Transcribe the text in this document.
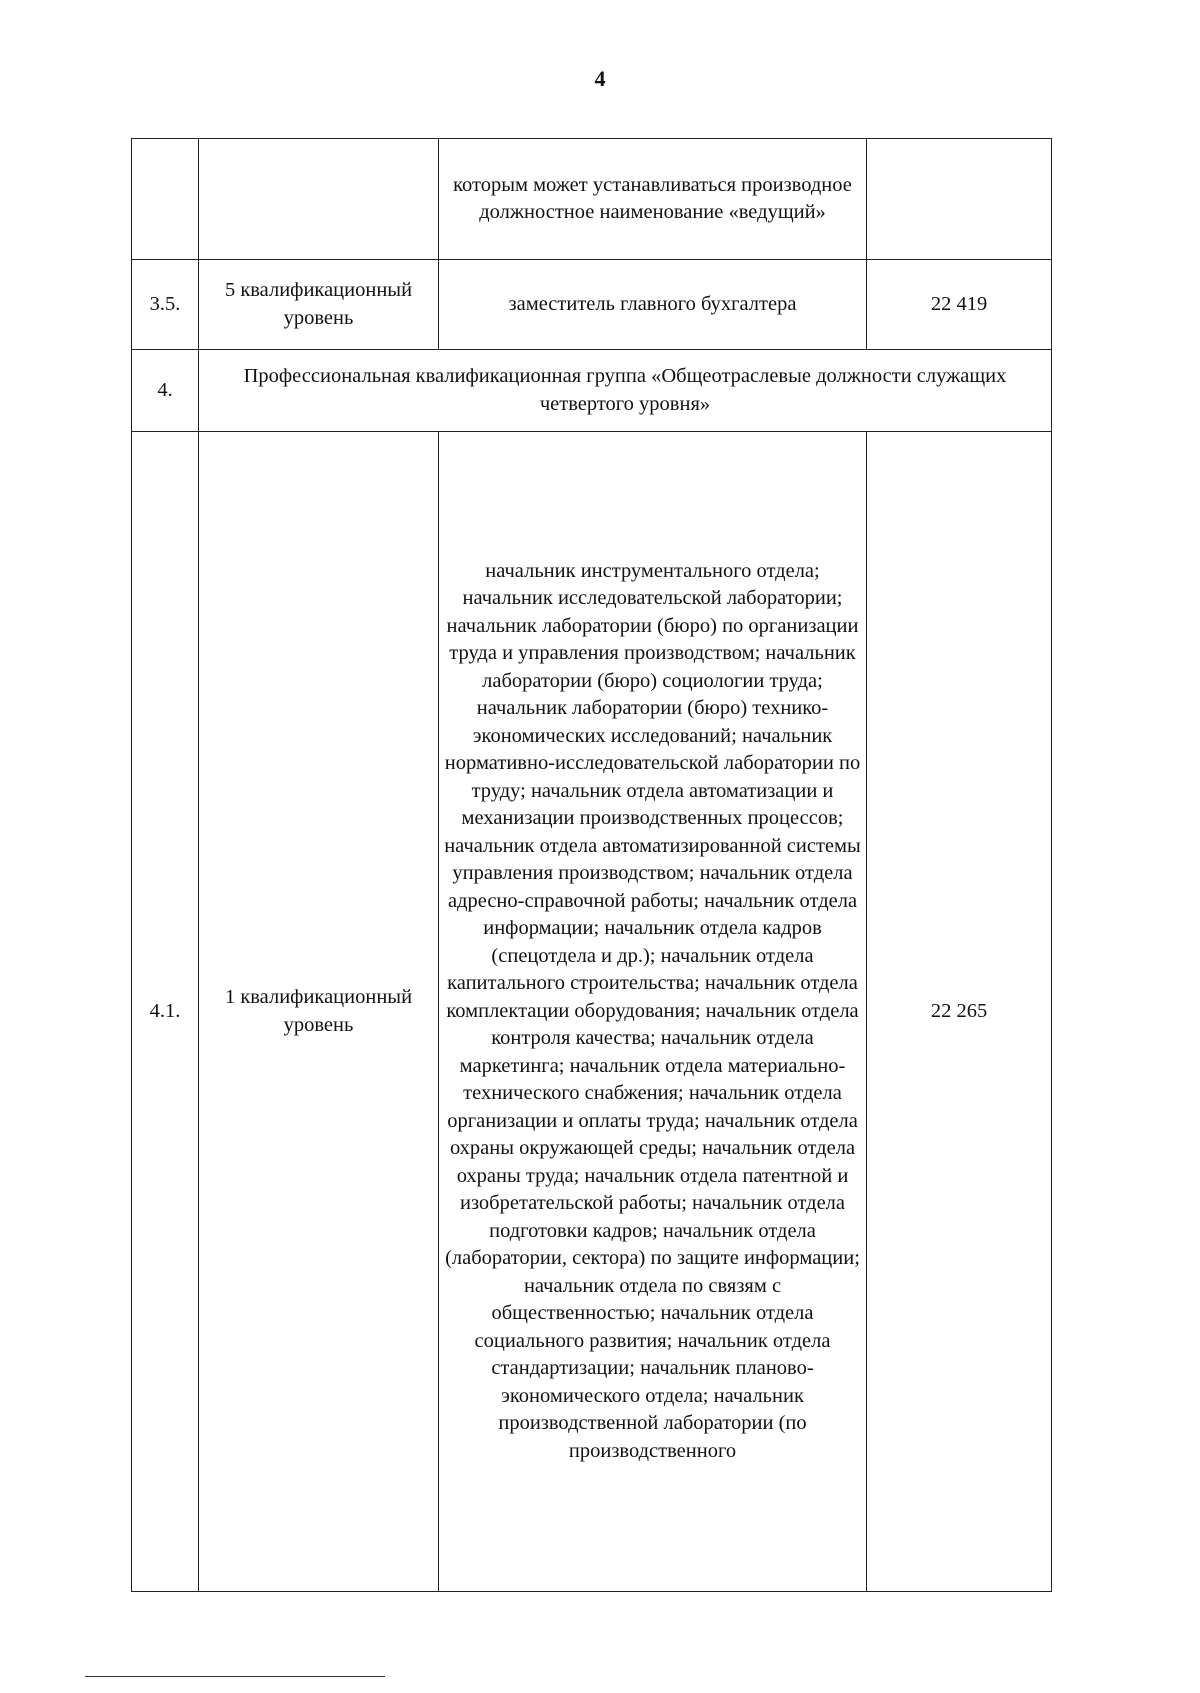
4
		которым может устанавливаться производное должностное наименование «ведущий»	
3.5.	5 квалификационный уровень	заместитель главного бухгалтера	22 419
4.	Профессиональная квалификационная группа «Общеотраслевые должности служащих четвертого уровня»		
4.1.	1 квалификационный уровень	начальник инструментального отдела; начальник исследовательской лаборатории; начальник лаборатории (бюро) по организации труда и управления производством; начальник лаборатории (бюро) социологии труда; начальник лаборатории (бюро) технико-экономических исследований; начальник нормативно-исследовательской лаборатории по труду; начальник отдела автоматизации и механизации производственных процессов; начальник отдела автоматизированной системы управления производством; начальник отдела адресно-справочной работы; начальник отдела информации; начальник отдела кадров (спецотдела и др.); начальник отдела капитального строительства; начальник отдела комплектации оборудования; начальник отдела контроля качества; начальник отдела маркетинга; начальник отдела материально-технического снабжения; начальник отдела организации и оплаты труда; начальник отдела охраны окружающей среды; начальник отдела охраны труда; начальник отдела патентной и изобретательской работы; начальник отдела подготовки кадров; начальник отдела (лаборатории, сектора) по защите информации; начальник отдела по связям с общественностью; начальник отдела социального развития; начальник отдела стандартизации; начальник планово-экономического отдела; начальник производственной лаборатории (по производственного	22 265
